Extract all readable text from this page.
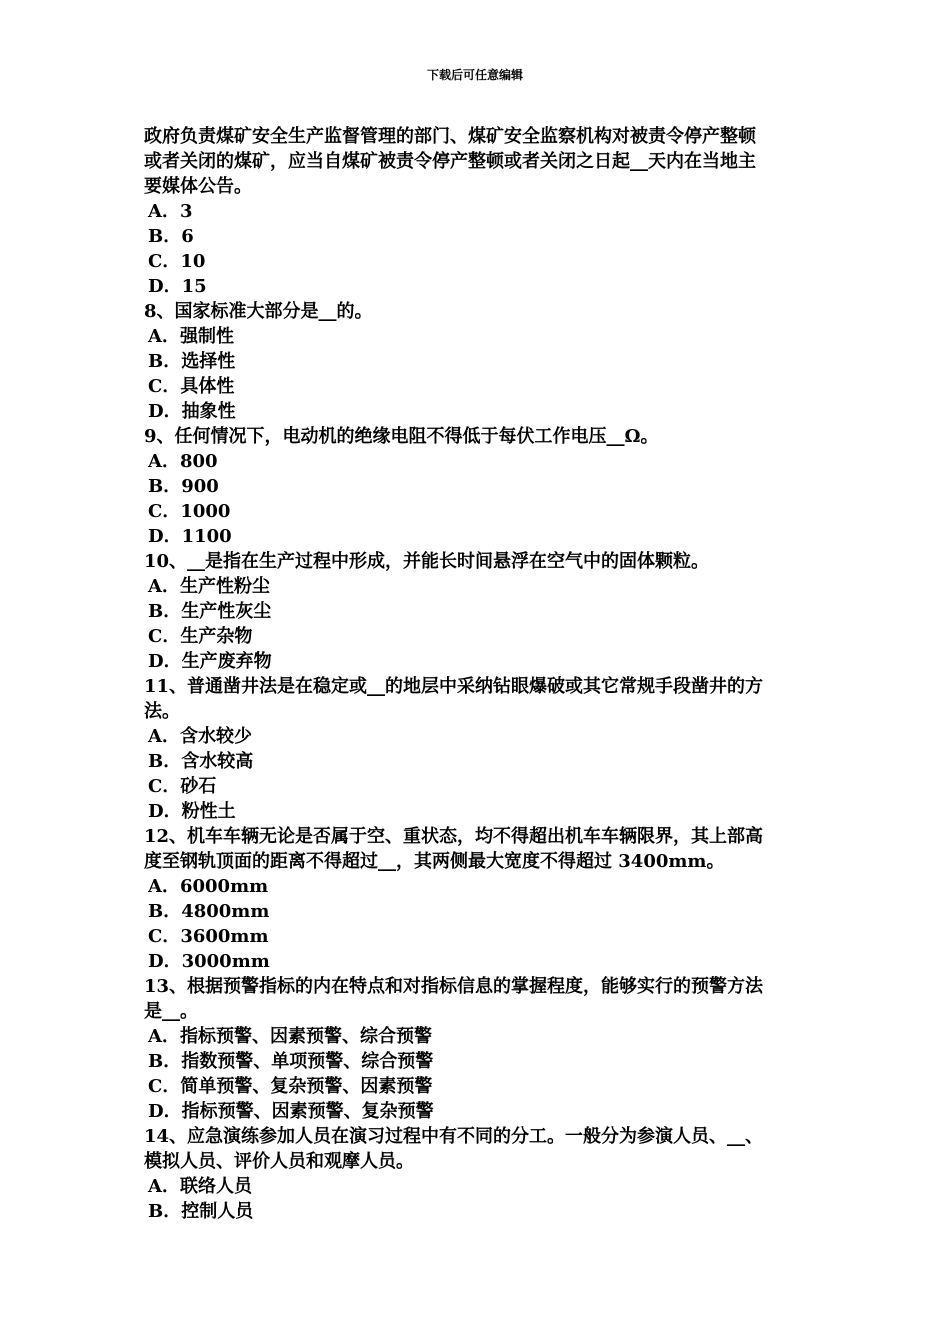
下载后可任意编辑
政府负责煤矿安全生产监督管理的部门、煤矿安全监察机构对被责令停产整顿
或者关闭的煤矿，应当自煤矿被责令停产整顿或者关闭之日起__天内在当地主
要媒体公告。
A．3
B．6
C．10
D．15
8、国家标准大部分是__的。
A．强制性
B．选择性
C．具体性
D．抽象性
9、任何情况下，电动机的绝缘电阻不得低于每伏工作电压__Ω。
A．800
B．900
C．1000
D．1100
10、__是指在生产过程中形成，并能长时间悬浮在空气中的固体颗粒。
A．生产性粉尘
B．生产性灰尘
C．生产杂物
D．生产废弃物
11、普通凿井法是在稳定或__的地层中采纳钻眼爆破或其它常规手段凿井的方
法。
A．含水较少
B．含水较高
C．砂石
D．粉性土
12、机车车辆无论是否属于空、重状态，均不得超出机车车辆限界，其上部高
度至钢轨顶面的距离不得超过__，其两侧最大宽度不得超过 3400mm。
A．6000mm
B．4800mm
C．3600mm
D．3000mm
13、根据预警指标的内在特点和对指标信息的掌握程度，能够实行的预警方法
是__。
A．指标预警、因素预警、综合预警
B．指数预警、单项预警、综合预警
C．简单预警、复杂预警、因素预警
D．指标预警、因素预警、复杂预警
14、应急演练参加人员在演习过程中有不同的分工。一般分为参演人员、__、
模拟人员、评价人员和观摩人员。
A．联络人员
B．控制人员
